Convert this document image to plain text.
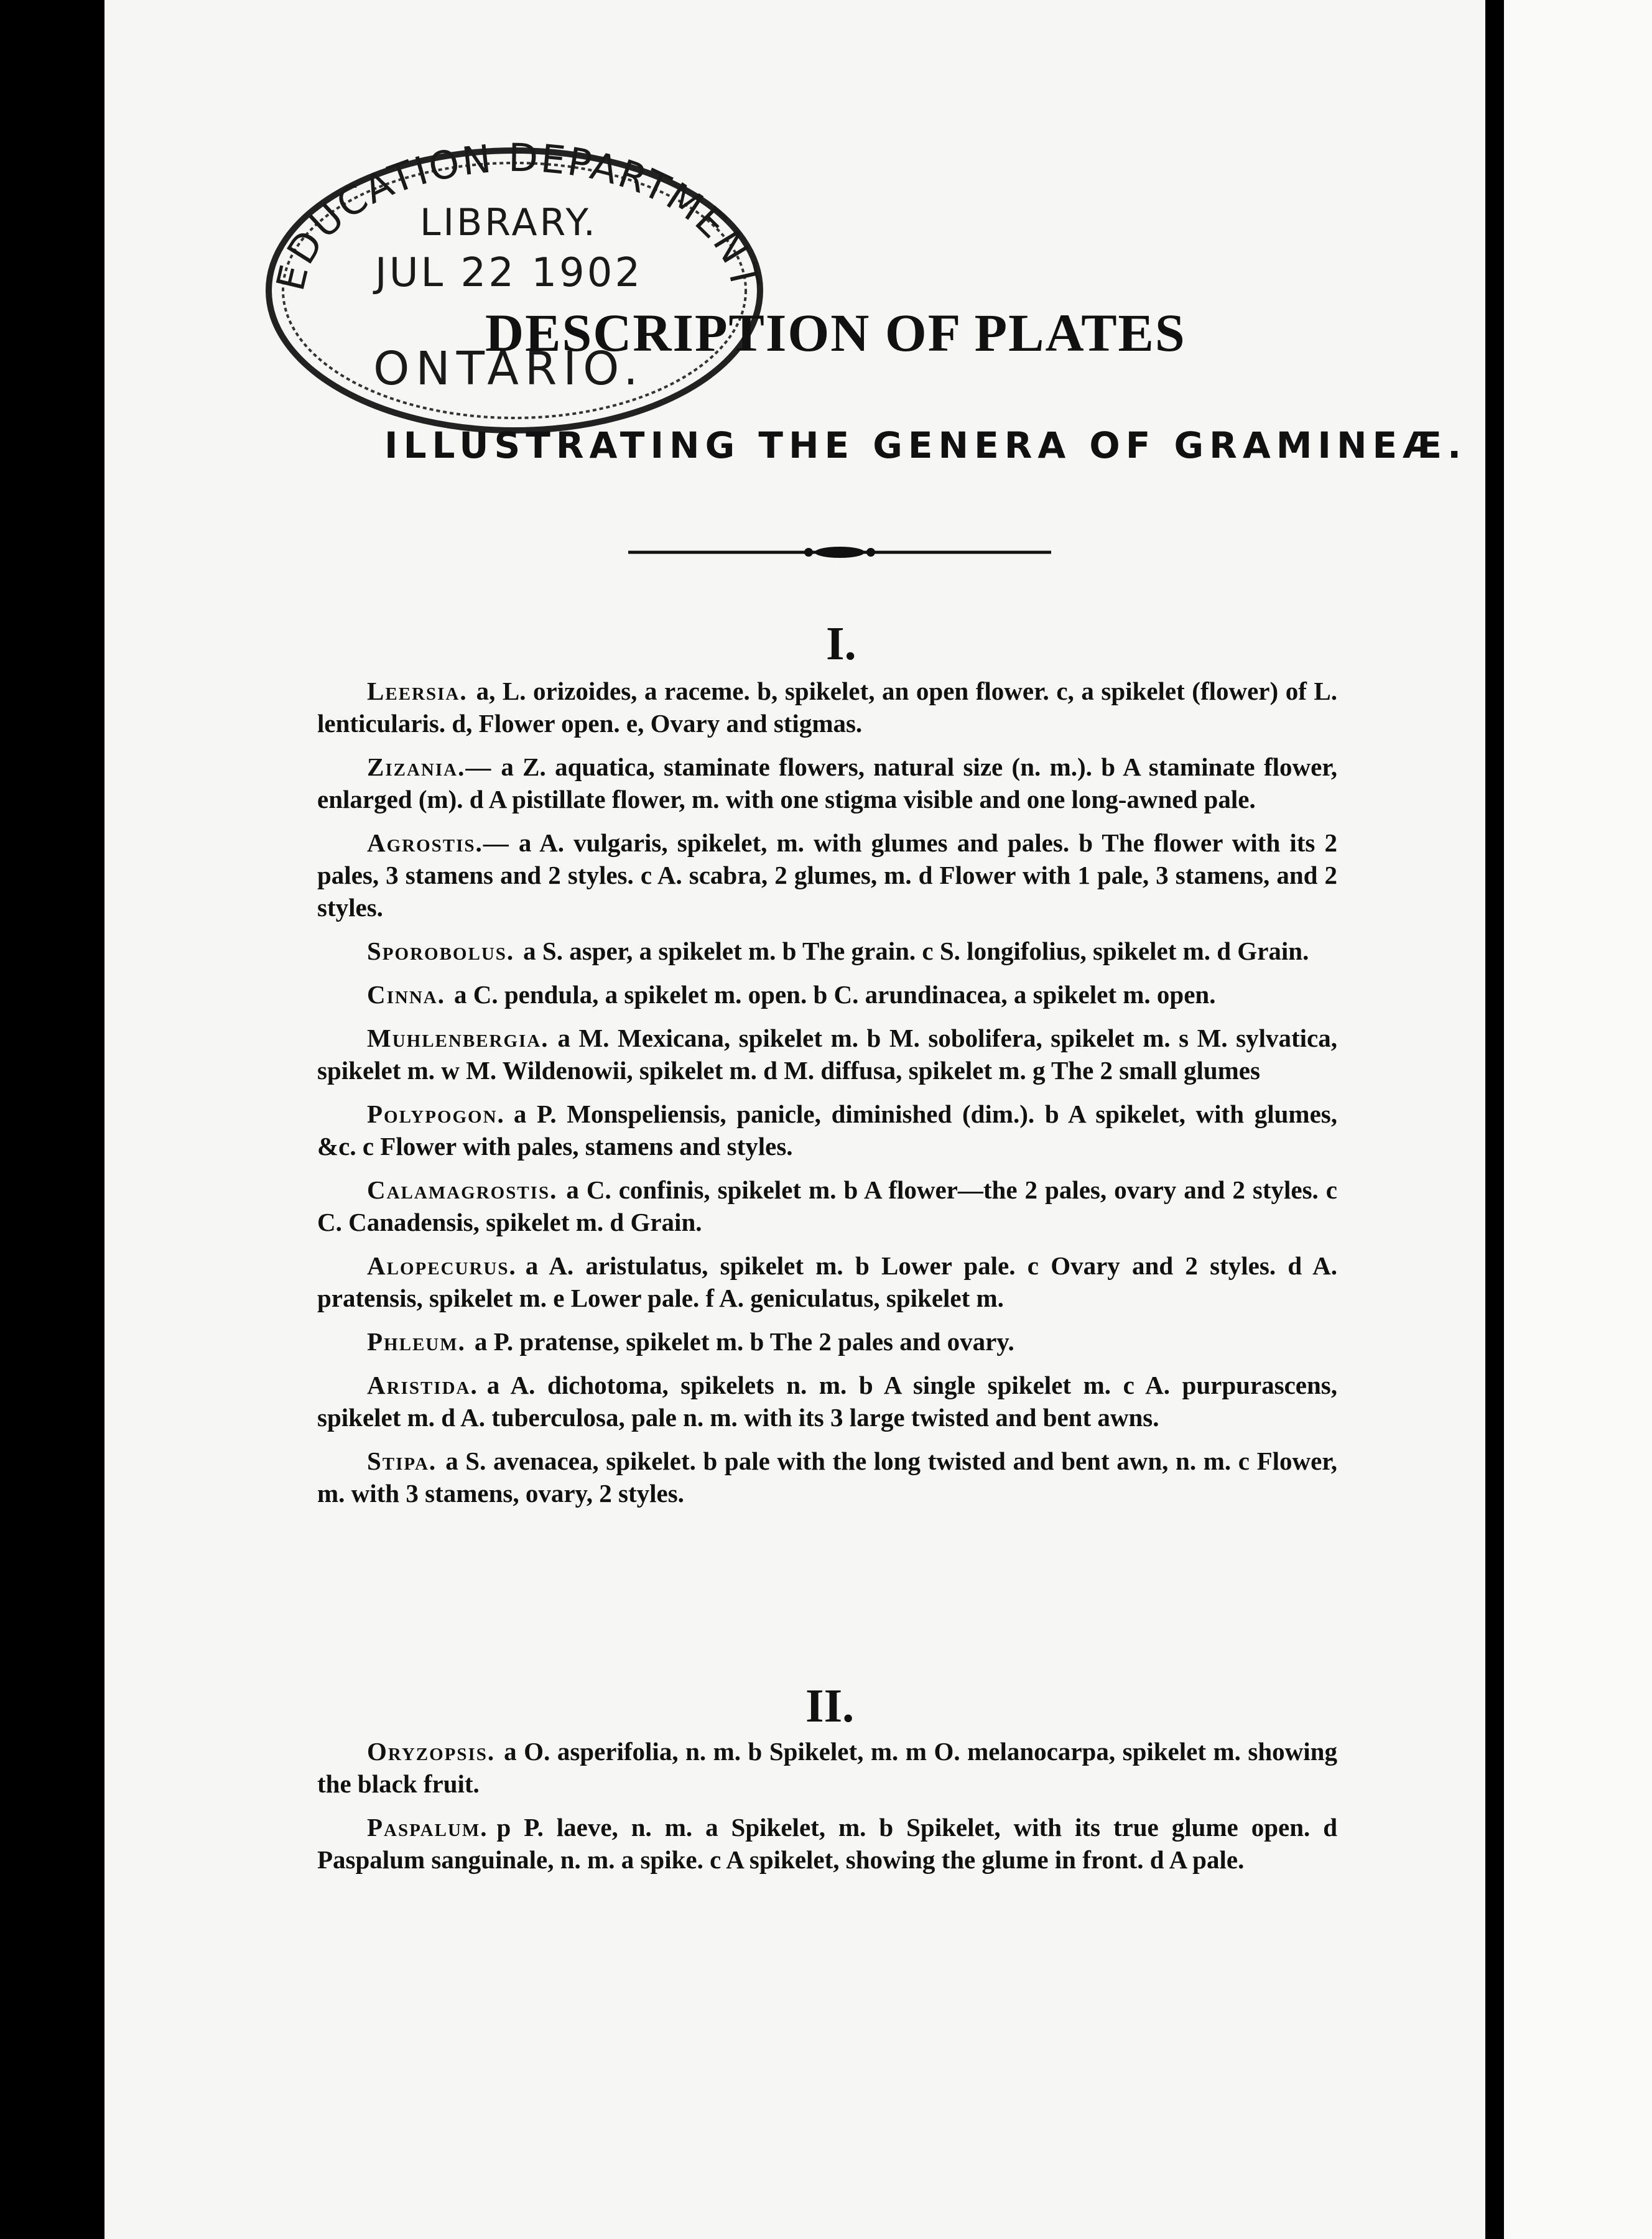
EDUCATION DEPARTMENT
LIBRARY.
JUL 22 1902
ONTARIO.
DESCRIPTION OF PLATES
ILLUSTRATING THE GENERA OF GRAMINEÆ.
I.

Leersia. a, L. orizoides, a raceme. b, spikelet, an open flower. c, a spikelet (flower) of L. lenticularis. d, Flower open. e, Ovary and stigmas.

Zizania.— a Z. aquatica, staminate flowers, natural size (n. m.). b A staminate flower, enlarged (m). d A pistillate flower, m. with one stigma visible and one long-awned pale.

Agrostis.— a A. vulgaris, spikelet, m. with glumes and pales. b The flower with its 2 pales, 3 stamens and 2 styles. c A. scabra, 2 glumes, m. d Flower with 1 pale, 3 stamens, and 2 styles.

Sporobolus. a S. asper, a spikelet m. b The grain. c S. longifolius, spikelet m. d Grain.

Cinna. a C. pendula, a spikelet m. open. b C. arundinacea, a spikelet m. open.

Muhlenbergia. a M. Mexicana, spikelet m. b M. sobolifera, spikelet m. s M. sylvatica, spikelet m. w M. Wildenowii, spikelet m. d M. diffusa, spikelet m. g The 2 small glumes

Polypogon. a P. Monspeliensis, panicle, diminished (dim.). b A spikelet, with glumes, &c. c Flower with pales, stamens and styles.

Calamagrostis. a C. confinis, spikelet m. b A flower—the 2 pales, ovary and 2 styles. c C. Canadensis, spikelet m. d Grain.

Alopecurus. a A. aristulatus, spikelet m. b Lower pale. c Ovary and 2 styles. d A. pratensis, spikelet m. e Lower pale. f A. geniculatus, spikelet m.

Phleum. a P. pratense, spikelet m. b The 2 pales and ovary.

Aristida. a A. dichotoma, spikelets n. m. b A single spikelet m. c A. purpurascens, spikelet m. d A. tuberculosa, pale n. m. with its 3 large twisted and bent awns.

Stipa. a S. avenacea, spikelet. b pale with the long twisted and bent awn, n. m. c Flower, m. with 3 stamens, ovary, 2 styles.

II.

Oryzopsis. a O. asperifolia, n. m. b Spikelet, m. m O. melanocarpa, spikelet m. showing the black fruit.

Paspalum. p P. laeve, n. m. a Spikelet, m. b Spikelet, with its true glume open. d Paspalum sanguinale, n. m. a spike. c A spikelet, showing the glume in front. d A pale.
